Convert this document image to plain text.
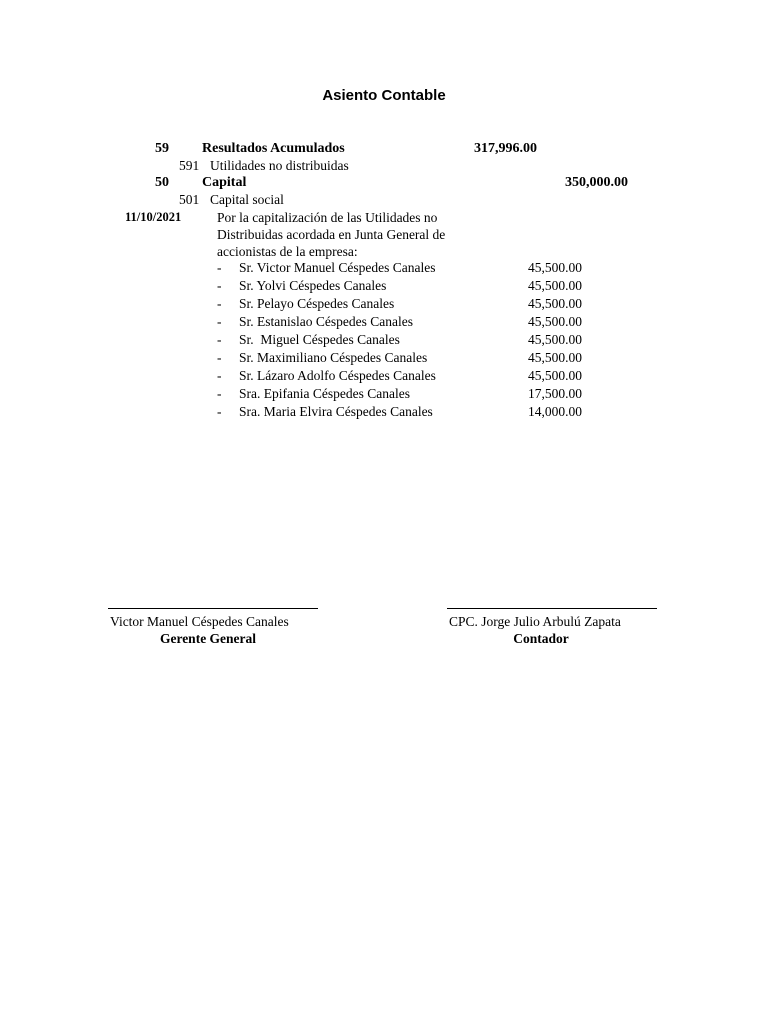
Asiento Contable
59 Resultados Acumulados	317,996.00
591 Utilidades no distribuidas
50 Capital	350,000.00
501 Capital social
11/10/2021	Por la capitalización de las Utilidades no
Distribuidas acordada en Junta General de
accionistas de la empresa:
- Sr. Victor Manuel Céspedes Canales	45,500.00
- Sr. Yolvi Céspedes Canales	45,500.00
- Sr. Pelayo Céspedes Canales	45,500.00
- Sr. Estanislao Céspedes Canales	45,500.00
- Sr.  Miguel Céspedes Canales	45,500.00
- Sr. Maximiliano Céspedes Canales	45,500.00
- Sr. Lázaro Adolfo Céspedes Canales	45,500.00
- Sra. Epifania Céspedes Canales	17,500.00
- Sra. Maria Elvira Céspedes Canales	14,000.00
Victor Manuel Céspedes Canales
Gerente General
CPC. Jorge Julio Arbulú Zapata
Contador
